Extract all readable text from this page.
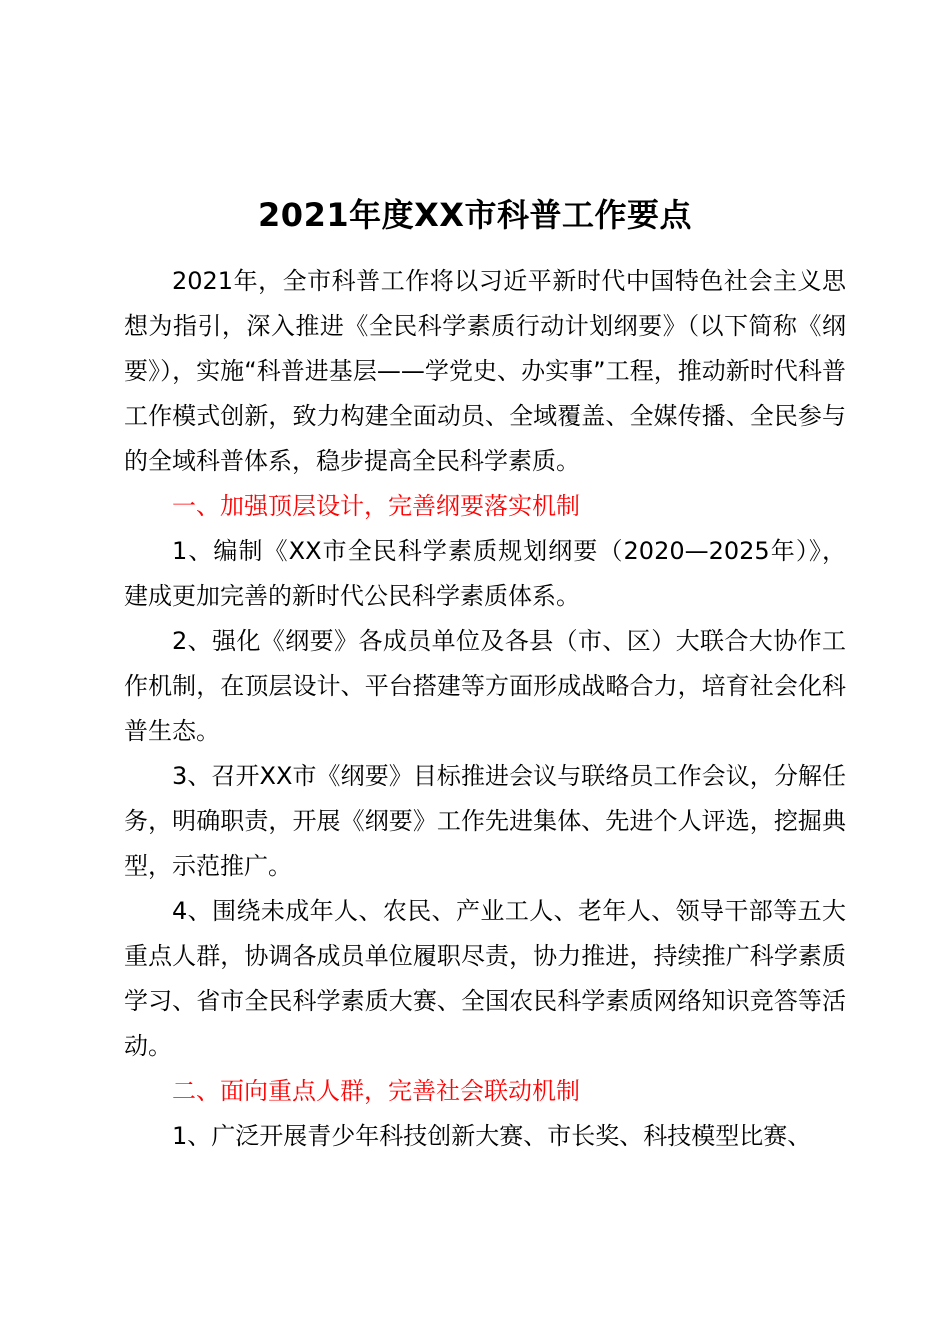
2021年度XX市科普工作要点

2021年，全市科普工作将以习近平新时代中国特色社会主义思想为指引，深入推进《全民科学素质行动计划纲要》（以下简称《纲要》），实施“科普进基层——学党史、办实事”工程，推动新时代科普工作模式创新，致力构建全面动员、全域覆盖、全媒传播、全民参与的全域科普体系，稳步提高全民科学素质。

一、加强顶层设计，完善纲要落实机制

1、编制《XX市全民科学素质规划纲要（2020—2025年）》，建成更加完善的新时代公民科学素质体系。

2、强化《纲要》各成员单位及各县（市、区）大联合大协作工作机制，在顶层设计、平台搭建等方面形成战略合力，培育社会化科普生态。

3、召开XX市《纲要》目标推进会议与联络员工作会议，分解任务，明确职责，开展《纲要》工作先进集体、先进个人评选，挖掘典型，示范推广。

4、围绕未成年人、农民、产业工人、老年人、领导干部等五大重点人群，协调各成员单位履职尽责，协力推进，持续推广科学素质学习、省市全民科学素质大赛、全国农民科学素质网络知识竞答等活动。

二、面向重点人群，完善社会联动机制

1、广泛开展青少年科技创新大赛、市长奖、科技模型比赛、
